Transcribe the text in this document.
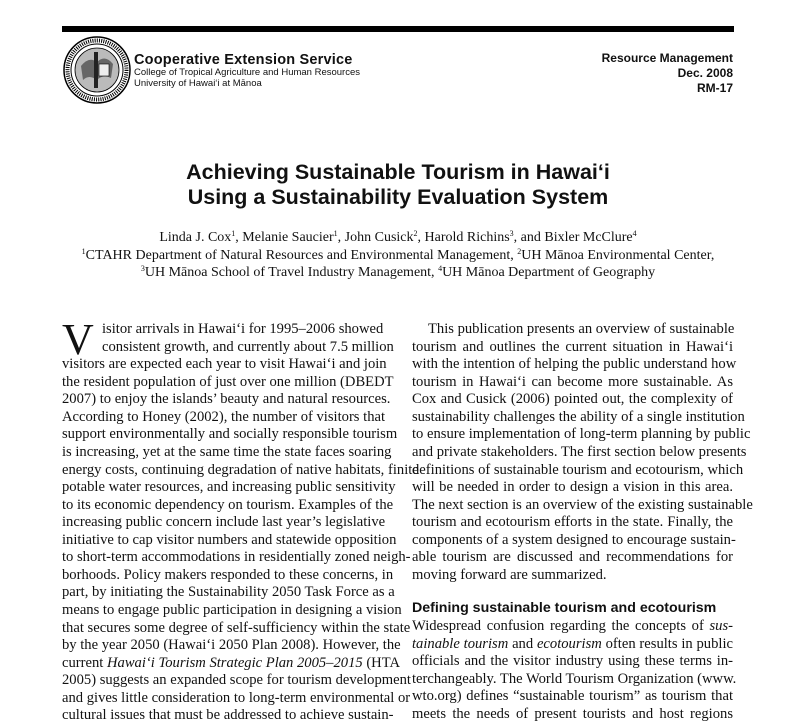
Cooperative Extension Service
College of Tropical Agriculture and Human Resources
University of Hawai‘i at Mānoa
Resource Management
Dec. 2008
RM-17
Achieving Sustainable Tourism in Hawai‘i
Using a Sustainability Evaluation System
Linda J. Cox$^1$, Melanie Saucier$^1$, John Cusick$^2$, Harold Richins$^3$, and Bixler McClure$^4$
$^1$CTAHR Department of Natural Resources and Environmental Management, $^2$UH Mānoa Environmental Center,
$^3$UH Mānoa School of Travel Industry Management, $^4$UH Mānoa Department of Geography
V isitor arrivals in Hawai‘i for 1995–2006 showed
consistent growth, and currently about 7.5 million
visitors are expected each year to visit Hawai‘i and join
the resident population of just over one million (DBEDT
2007) to enjoy the islands’ beauty and natural resources.
According to Honey (2002), the number of visitors that
support environmentally and socially responsible tourism
is increasing, yet at the same time the state faces soaring
energy costs, continuing degradation of native habitats, finite
potable water resources, and increasing public sensitivity
to its economic dependency on tourism. Examples of the
increasing public concern include last year’s legislative
initiative to cap visitor numbers and statewide opposition
to short-term accommodations in residentially zoned neigh-
borhoods. Policy makers responded to these concerns, in
part, by initiating the Sustainability 2050 Task Force as a
means to engage public participation in designing a vision
that secures some degree of self-sufficiency within the state
by the year 2050 (Hawai‘i 2050 Plan 2008). However, the
current Hawai‘i Tourism Strategic Plan 2005–2015 (HTA
2005) suggests an expanded scope for tourism development
and gives little consideration to long-term environmental or
cultural issues that must be addressed to achieve sustain-
This publication presents an overview of sustainable
tourism and outlines the current situation in Hawai‘i
with the intention of helping the public understand how
tourism in Hawai‘i can become more sustainable. As
Cox and Cusick (2006) pointed out, the complexity of
sustainability challenges the ability of a single institution
to ensure implementation of long-term planning by public
and private stakeholders. The first section below presents
definitions of sustainable tourism and ecotourism, which
will be needed in order to design a vision in this area.
The next section is an overview of the existing sustainable
tourism and ecotourism efforts in the state. Finally, the
components of a system designed to encourage sustain-
able tourism are discussed and recommendations for
moving forward are summarized.
Defining sustainable tourism and ecotourism
Widespread confusion regarding the concepts of sus-
tainable tourism and ecotourism often results in public
officials and the visitor industry using these terms in-
terchangeably. The World Tourism Organization (www.
wto.org) defines “sustainable tourism” as tourism that
meets the needs of present tourists and host regions
